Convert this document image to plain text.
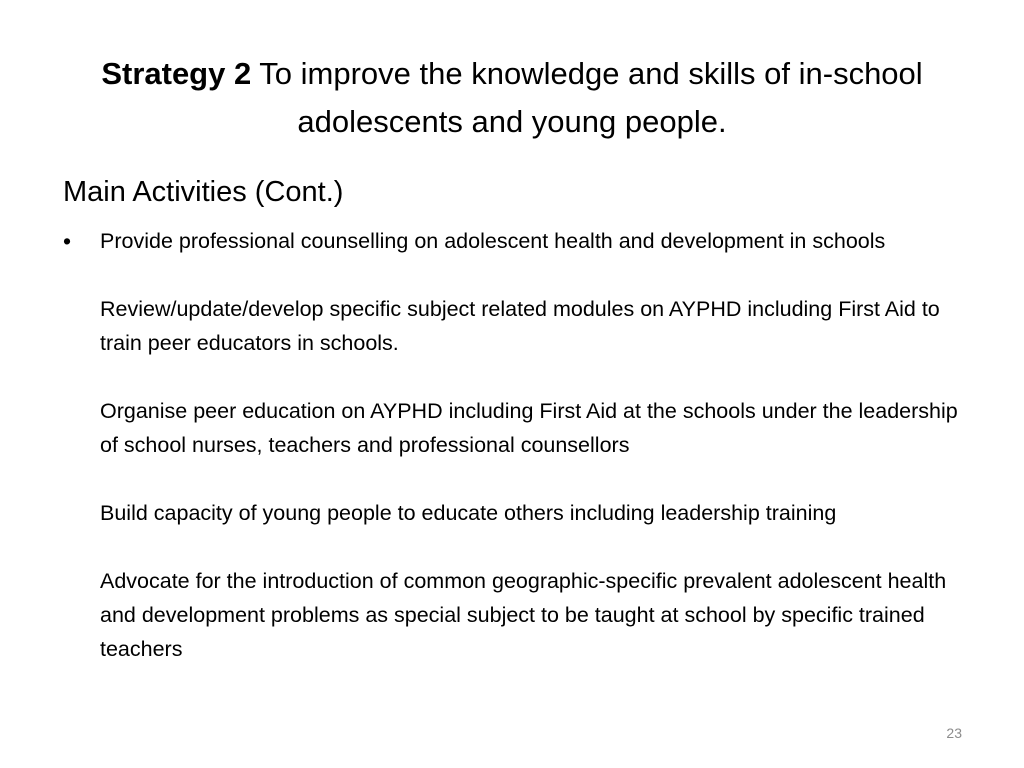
Strategy 2 To improve the knowledge and skills of in-school adolescents and young people.
Main Activities (Cont.)
•	Provide professional counselling on adolescent health and development in schools

Review/update/develop specific subject related modules on AYPHD including First Aid to train peer educators in schools.

Organise peer education on AYPHD including First Aid at the schools under the leadership of school nurses, teachers and professional counsellors

Build capacity of young people to educate others including leadership training

Advocate for the introduction of common geographic-specific prevalent adolescent health and development problems as special subject to be taught at school by specific trained teachers

23
